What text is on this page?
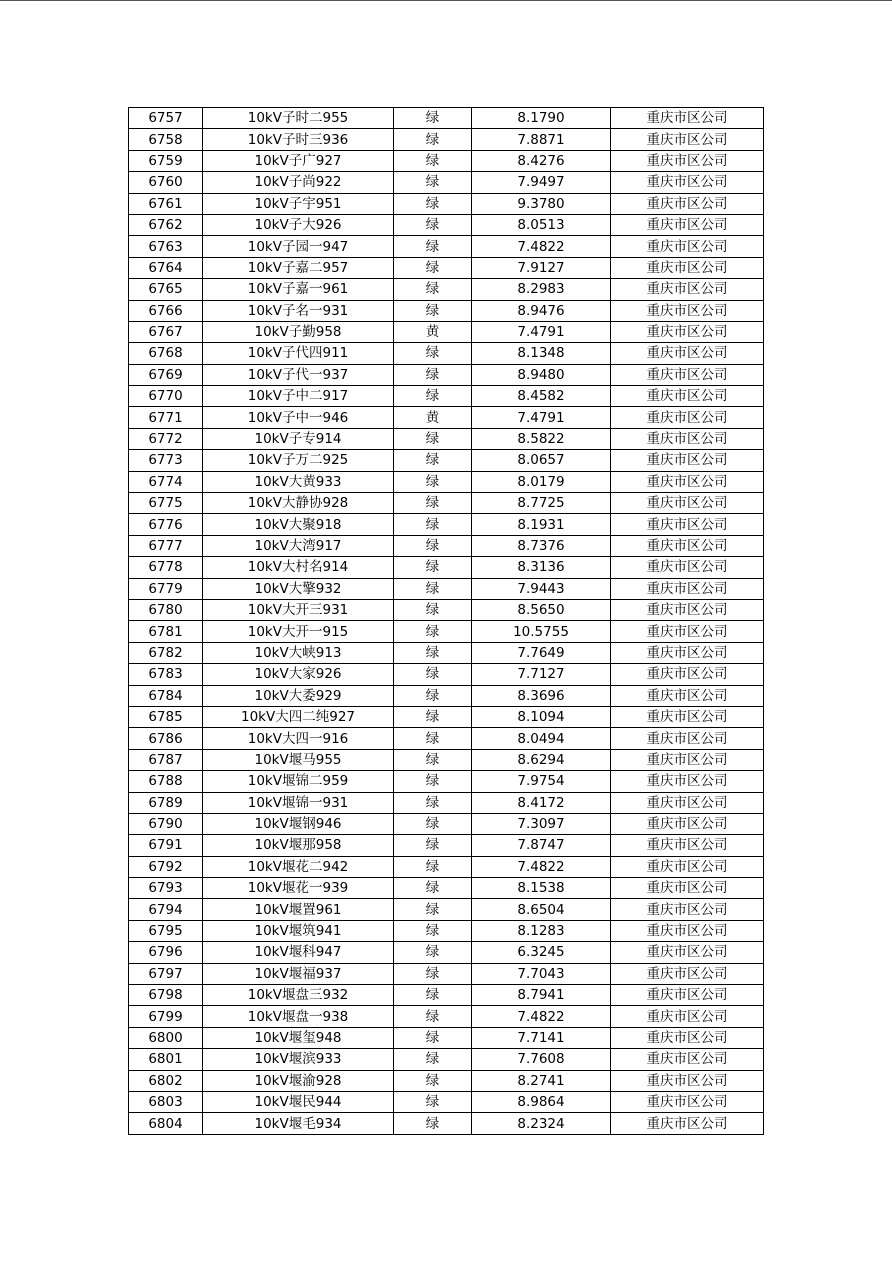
6757	10kV子时二955	绿	8.1790	重庆市区公司
6758	10kV子时三936	绿	7.8871	重庆市区公司
6759	10kV子广927	绿	8.4276	重庆市区公司
6760	10kV子尚922	绿	7.9497	重庆市区公司
6761	10kV子宇951	绿	9.3780	重庆市区公司
6762	10kV子大926	绿	8.0513	重庆市区公司
6763	10kV子园一947	绿	7.4822	重庆市区公司
6764	10kV子嘉二957	绿	7.9127	重庆市区公司
6765	10kV子嘉一961	绿	8.2983	重庆市区公司
6766	10kV子名一931	绿	8.9476	重庆市区公司
6767	10kV子勤958	黄	7.4791	重庆市区公司
6768	10kV子代四911	绿	8.1348	重庆市区公司
6769	10kV子代一937	绿	8.9480	重庆市区公司
6770	10kV子中二917	绿	8.4582	重庆市区公司
6771	10kV子中一946	黄	7.4791	重庆市区公司
6772	10kV子专914	绿	8.5822	重庆市区公司
6773	10kV子万二925	绿	8.0657	重庆市区公司
6774	10kV大黄933	绿	8.0179	重庆市区公司
6775	10kV大静协928	绿	8.7725	重庆市区公司
6776	10kV大聚918	绿	8.1931	重庆市区公司
6777	10kV大湾917	绿	8.7376	重庆市区公司
6778	10kV大村名914	绿	8.3136	重庆市区公司
6779	10kV大擎932	绿	7.9443	重庆市区公司
6780	10kV大开三931	绿	8.5650	重庆市区公司
6781	10kV大开一915	绿	10.5755	重庆市区公司
6782	10kV大峡913	绿	7.7649	重庆市区公司
6783	10kV大家926	绿	7.7127	重庆市区公司
6784	10kV大委929	绿	8.3696	重庆市区公司
6785	10kV大四二纯927	绿	8.1094	重庆市区公司
6786	10kV大四一916	绿	8.0494	重庆市区公司
6787	10kV堰马955	绿	8.6294	重庆市区公司
6788	10kV堰锦二959	绿	7.9754	重庆市区公司
6789	10kV堰锦一931	绿	8.4172	重庆市区公司
6790	10kV堰钢946	绿	7.3097	重庆市区公司
6791	10kV堰那958	绿	7.8747	重庆市区公司
6792	10kV堰花二942	绿	7.4822	重庆市区公司
6793	10kV堰花一939	绿	8.1538	重庆市区公司
6794	10kV堰置961	绿	8.6504	重庆市区公司
6795	10kV堰筑941	绿	8.1283	重庆市区公司
6796	10kV堰科947	绿	6.3245	重庆市区公司
6797	10kV堰福937	绿	7.7043	重庆市区公司
6798	10kV堰盘三932	绿	8.7941	重庆市区公司
6799	10kV堰盘一938	绿	7.4822	重庆市区公司
6800	10kV堰玺948	绿	7.7141	重庆市区公司
6801	10kV堰滨933	绿	7.7608	重庆市区公司
6802	10kV堰渝928	绿	8.2741	重庆市区公司
6803	10kV堰民944	绿	8.9864	重庆市区公司
6804	10kV堰毛934	绿	8.2324	重庆市区公司
